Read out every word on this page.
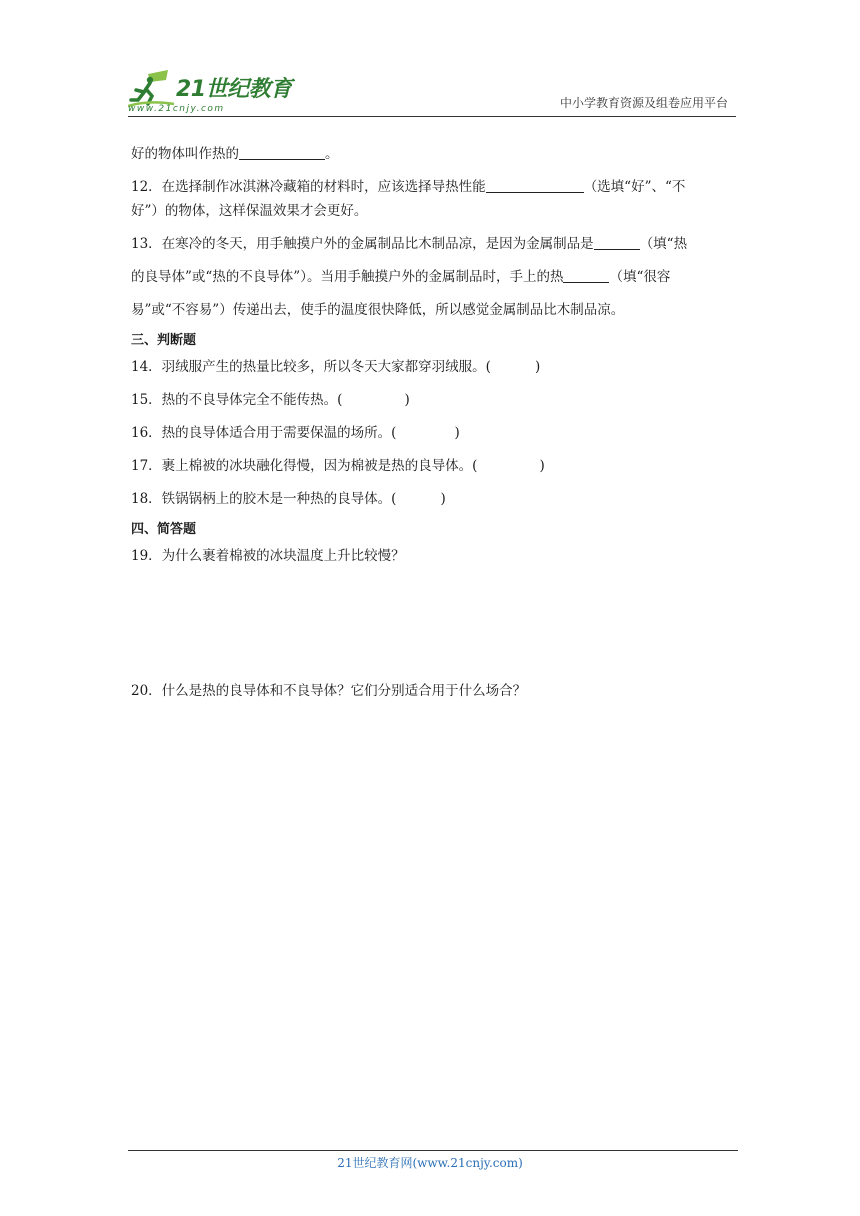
21世纪教育
www.21cnjy.com	中小学教育资源及组卷应用平台
好的物体叫作热的	。
12．在选择制作冰淇淋冷藏箱的材料时，应该选择导热性能	（选填“好”、“不
好”）的物体，这样保温效果才会更好。
13．在寒冷的冬天，用手触摸户外的金属制品比木制品凉，是因为金属制品是	（填“热
的良导体”或“热的不良导体”）。当用手触摸户外的金属制品时，手上的热	（填“很容
易”或“不容易”）传递出去，使手的温度很快降低，所以感觉金属制品比木制品凉。
三、判断题
14．羽绒服产生的热量比较多，所以冬天大家都穿羽绒服。(	)
15．热的不良导体完全不能传热。(	)
16．热的良导体适合用于需要保温的场所。(	)
17．裹上棉被的冰块融化得慢，因为棉被是热的良导体。(	)
18．铁锅锅柄上的胶木是一种热的良导体。(	)
四、简答题
19．为什么裹着棉被的冰块温度上升比较慢？
20．什么是热的良导体和不良导体？它们分别适合用于什么场合？
21世纪教育网(www.21cnjy.com)
